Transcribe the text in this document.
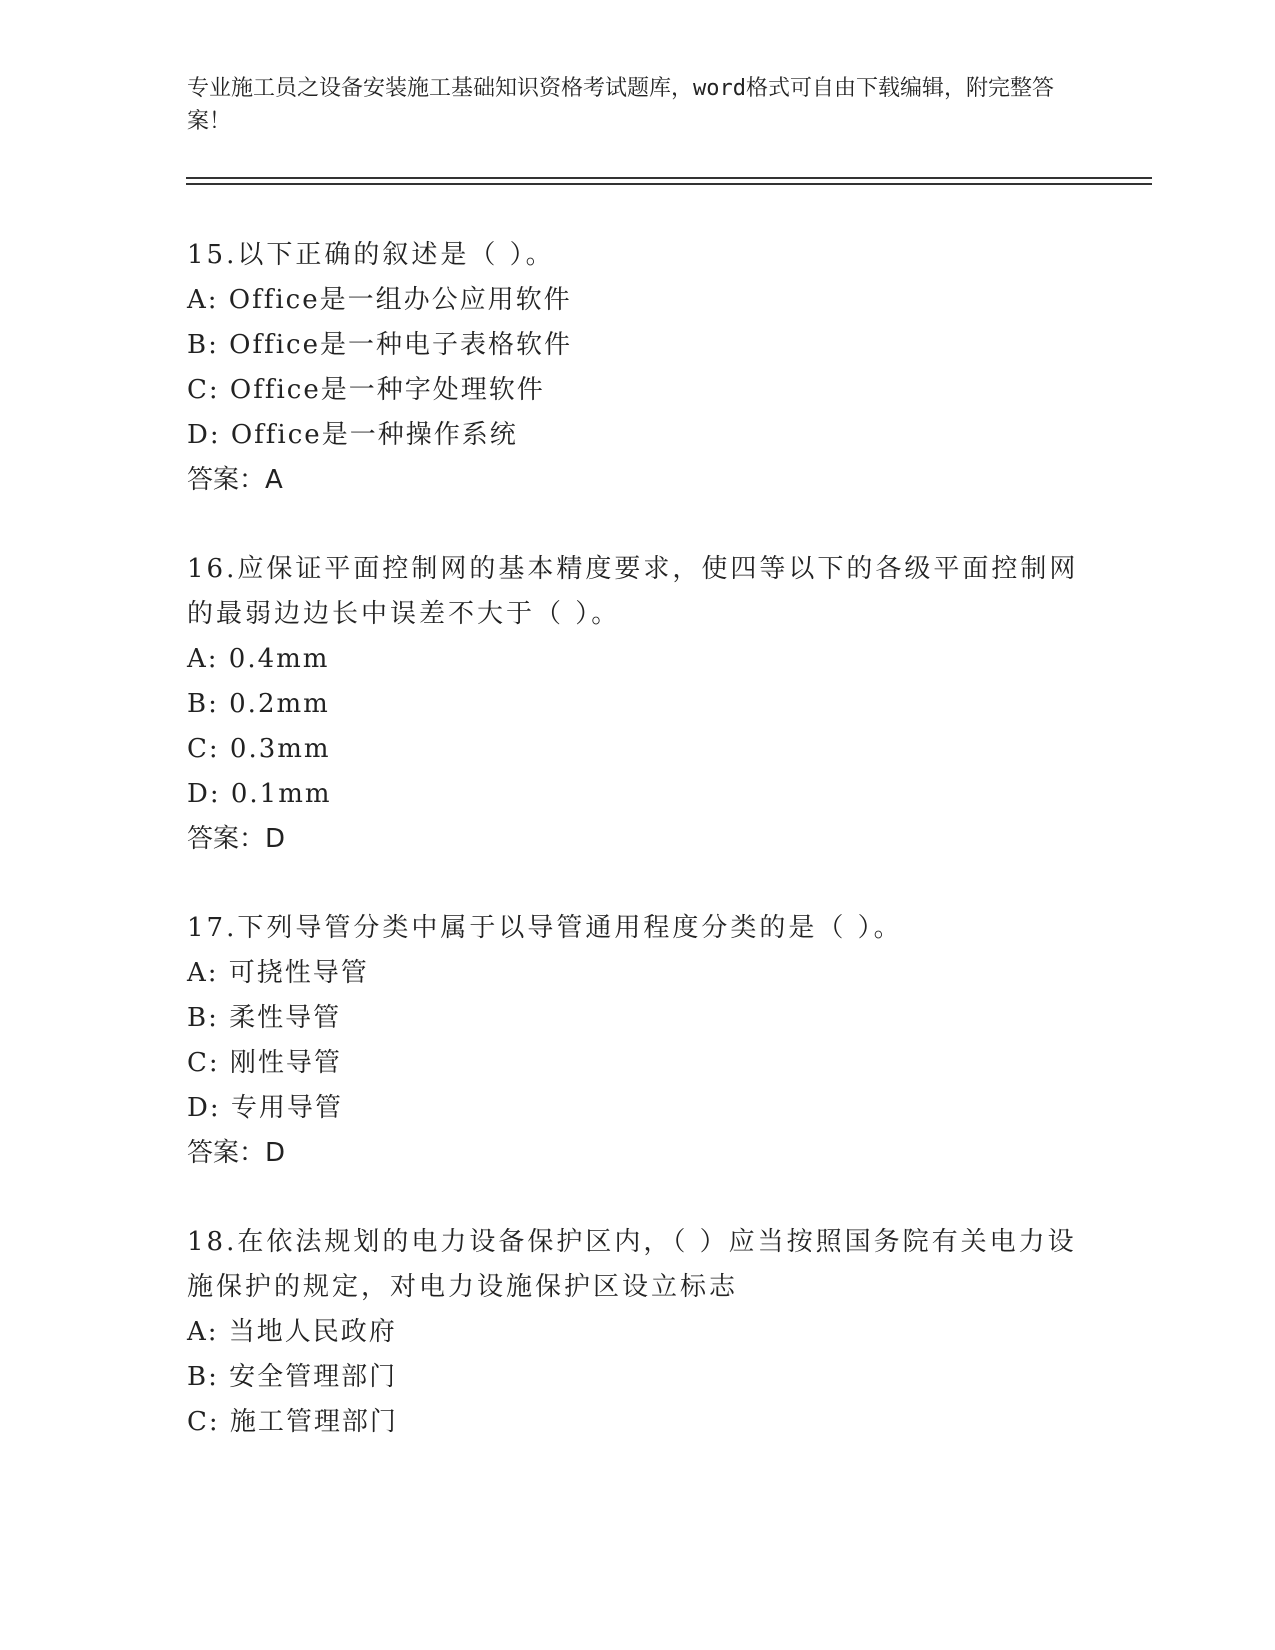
专业施工员之设备安装施工基础知识资格考试题库，word格式可自由下载编辑，附完整答案！
15.以下正确的叙述是（ ）。
A: Office是一组办公应用软件
B: Office是一种电子表格软件
C: Office是一种字处理软件
D: Office是一种操作系统
答案：A
16.应保证平面控制网的基本精度要求，使四等以下的各级平面控制网的最弱边边长中误差不大于（ ）。
A: 0.4mm
B: 0.2mm
C: 0.3mm
D: 0.1mm
答案：D
17.下列导管分类中属于以导管通用程度分类的是（ ）。
A: 可挠性导管
B: 柔性导管
C: 刚性导管
D: 专用导管
答案：D
18.在依法规划的电力设备保护区内，（ ）应当按照国务院有关电力设施保护的规定，对电力设施保护区设立标志
A: 当地人民政府
B: 安全管理部门
C: 施工管理部门
